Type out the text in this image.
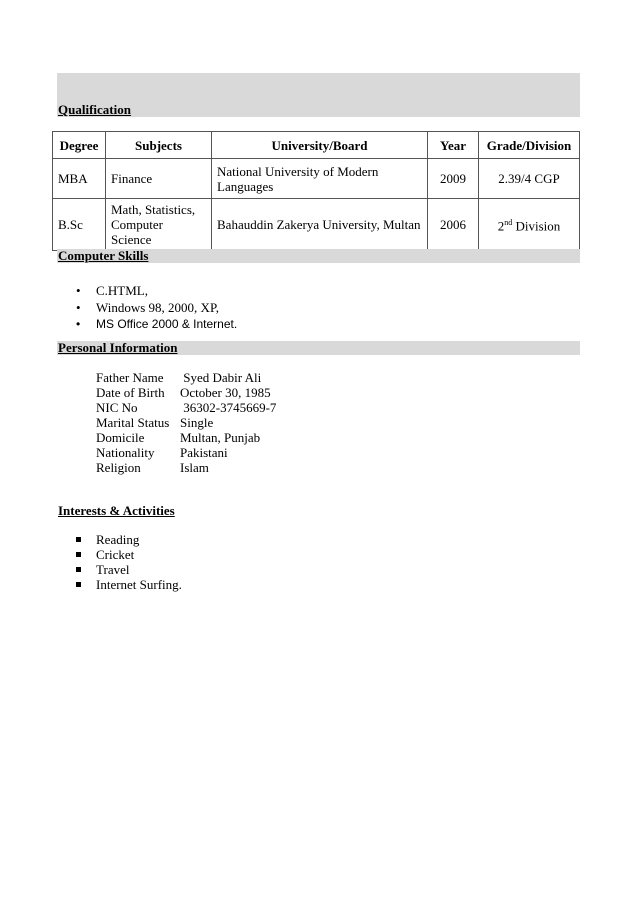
Qualification
Degree	Subjects	University/Board	Year	Grade/Division
MBA	Finance	National University of Modern Languages	2009	2.39/4 CGP
B.Sc	Math, Statistics, Computer Science	Bahauddin Zakerya University, Multan	2006	2nd Division
Computer Skills
• C.HTML,
• Windows 98, 2000, XP,
• MS Office 2000 & Internet.
Personal Information
Father Name	Syed Dabir Ali
Date of Birth	October 30, 1985
NIC No	36302-3745669-7
Marital Status Single
Domicile	Multan, Punjab
Nationality	Pakistani
Religion	Islam
Interests & Activities
Reading
Cricket
Travel
Internet Surfing.
